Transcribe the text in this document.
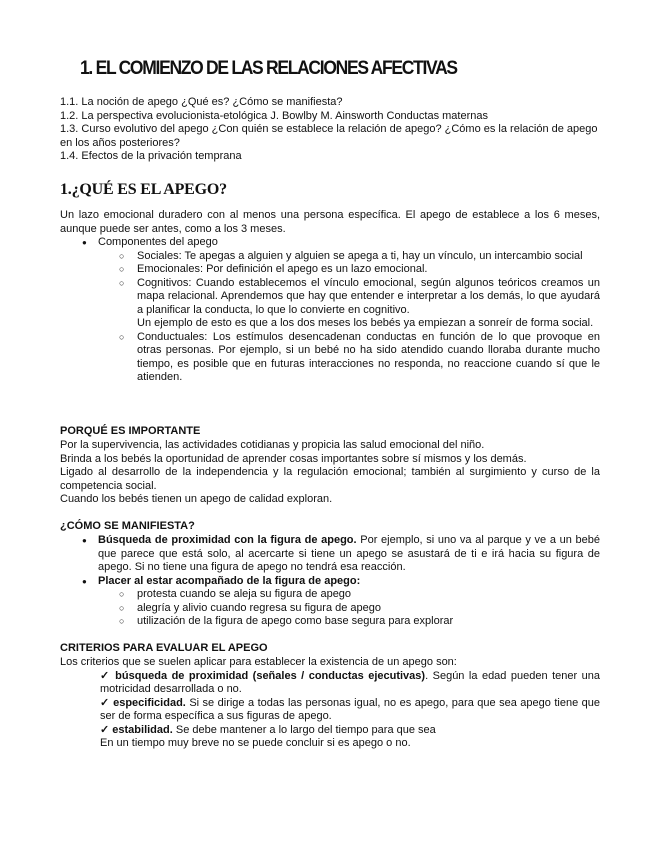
1. EL COMIENZO DE LAS RELACIONES AFECTIVAS
1.1. La noción de apego ¿Qué es? ¿Cómo se manifiesta?
1.2. La perspectiva evolucionista-etológica J. Bowlby M. Ainsworth Conductas maternas
1.3. Curso evolutivo del apego ¿Con quién se establece la relación de apego? ¿Cómo es la relación de apego en los años posteriores?
1.4. Efectos de la privación temprana
1.¿QUÉ ES EL APEGO?

Un lazo emocional duradero con al menos una persona específica. El apego de establece a los 6 meses, aunque puede ser antes, como a los 3 meses.

● Componentes del apego
○ Sociales: Te apegas a alguien y alguien se apega a ti, hay un vínculo, un intercambio social
○ Emocionales: Por definición el apego es un lazo emocional.
○ Cognitivos: Cuando establecemos el vínculo emocional, según algunos teóricos creamos un mapa relacional. Aprendemos que hay que entender e interpretar a los demás, lo que ayudará a planificar la conducta, lo que lo convierte en cognitivo.
Un ejemplo de esto es que a los dos meses los bebés ya empiezan a sonreír de forma social.
○ Conductuales: Los estímulos desencadenan conductas en función de lo que provoque en otras personas. Por ejemplo, si un bebé no ha sido atendido cuando lloraba durante mucho tiempo, es posible que en futuras interacciones no responda, no reaccione cuando sí que le atienden.
PORQUÉ ES IMPORTANTE

Por la supervivencia, las actividades cotidianas y propicia las salud emocional del niño.

Brinda a los bebés la oportunidad de aprender cosas importantes sobre sí mismos y los demás.

Ligado al desarrollo de la independencia y la regulación emocional; también al surgimiento y curso de la competencia social.

Cuando los bebés tienen un apego de calidad exploran.

¿CÓMO SE MANIFIESTA?
● Búsqueda de proximidad con la figura de apego. Por ejemplo, si uno va al parque y ve a un bebé que parece que está solo, al acercarte si tiene un apego se asustará de ti e irá hacia su figura de apego. Si no tiene una figura de apego no tendrá esa reacción.
● Placer al estar acompañado de la figura de apego:
○ protesta cuando se aleja su figura de apego
○ alegría y alivio cuando regresa su figura de apego
○ utilización de la figura de apego como base segura para explorar
CRITERIOS PARA EVALUAR EL APEGO

Los criterios que se suelen aplicar para establecer la existencia de un apego son:

✓ búsqueda de proximidad (señales / conductas ejecutivas). Según la edad pueden tener una motricidad desarrollada o no.
✓ especificidad. Si se dirige a todas las personas igual, no es apego, para que sea apego tiene que ser de forma específica a sus figuras de apego.
✓ estabilidad. Se debe mantener a lo largo del tiempo para que sea
En un tiempo muy breve no se puede concluir si es apego o no.
